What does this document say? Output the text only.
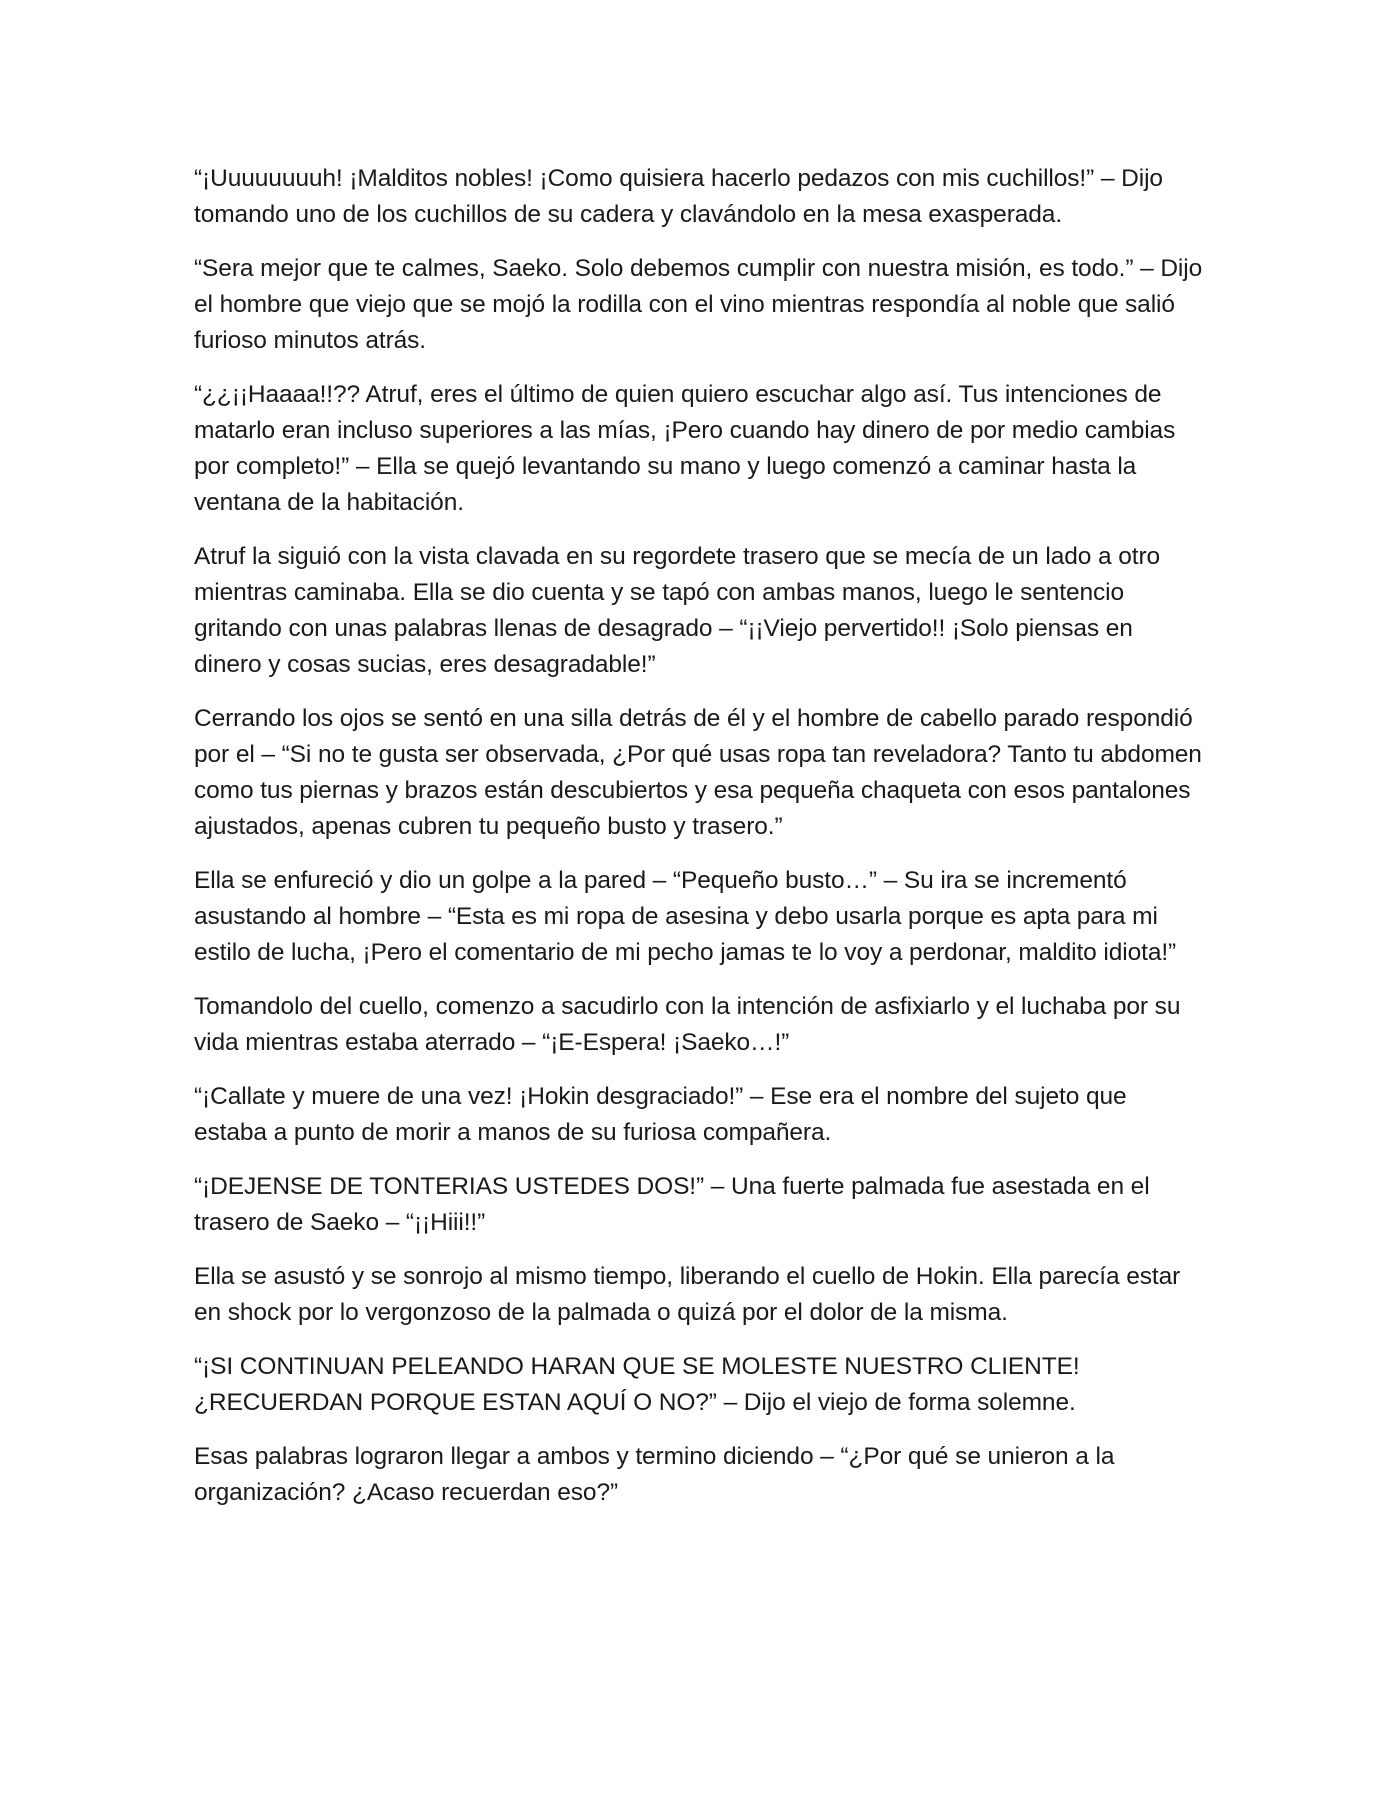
“¡Uuuuuuuuh! ¡Malditos nobles! ¡Como quisiera hacerlo pedazos con mis cuchillos!” – Dijo tomando uno de los cuchillos de su cadera y clavándolo en la mesa exasperada.

“Sera mejor que te calmes, Saeko. Solo debemos cumplir con nuestra misión, es todo.” – Dijo el hombre que viejo que se mojó la rodilla con el vino mientras respondía al noble que salió furioso minutos atrás.

“¿¿¡¡Haaaa!!?? Atruf, eres el último de quien quiero escuchar algo así. Tus intenciones de matarlo eran incluso superiores a las mías, ¡Pero cuando hay dinero de por medio cambias por completo!” – Ella se quejó levantando su mano y luego comenzó a caminar hasta la ventana de la habitación.

Atruf la siguió con la vista clavada en su regordete trasero que se mecía de un lado a otro mientras caminaba. Ella se dio cuenta y se tapó con ambas manos, luego le sentencio gritando con unas palabras llenas de desagrado – “¡¡Viejo pervertido!! ¡Solo piensas en dinero y cosas sucias, eres desagradable!”

Cerrando los ojos se sentó en una silla detrás de él y el hombre de cabello parado respondió por el – “Si no te gusta ser observada, ¿Por qué usas ropa tan reveladora? Tanto tu abdomen como tus piernas y brazos están descubiertos y esa pequeña chaqueta con esos pantalones ajustados, apenas cubren tu pequeño busto y trasero.”

Ella se enfureció y dio un golpe a la pared – “Pequeño busto…” – Su ira se incrementó asustando al hombre – “Esta es mi ropa de asesina y debo usarla porque es apta para mi estilo de lucha, ¡Pero el comentario de mi pecho jamas te lo voy a perdonar, maldito idiota!”

Tomandolo del cuello, comenzo a sacudirlo con la intención de asfixiarlo y el luchaba por su vida mientras estaba aterrado – “¡E-Espera! ¡Saeko…!”

“¡Callate y muere de una vez! ¡Hokin desgraciado!” – Ese era el nombre del sujeto que estaba a punto de morir a manos de su furiosa compañera.

“¡DEJENSE DE TONTERIAS USTEDES DOS!” – Una fuerte palmada fue asestada en el trasero de Saeko – “¡¡Hiii!!”

Ella se asustó y se sonrojo al mismo tiempo, liberando el cuello de Hokin. Ella parecía estar en shock por lo vergonzoso de la palmada o quizá por el dolor de la misma.

“¡SI CONTINUAN PELEANDO HARAN QUE SE MOLESTE NUESTRO CLIENTE! ¿RECUERDAN PORQUE ESTAN AQUÍ O NO?” – Dijo el viejo de forma solemne.

Esas palabras lograron llegar a ambos y termino diciendo – “¿Por qué se unieron a la organización? ¿Acaso recuerdan eso?”
